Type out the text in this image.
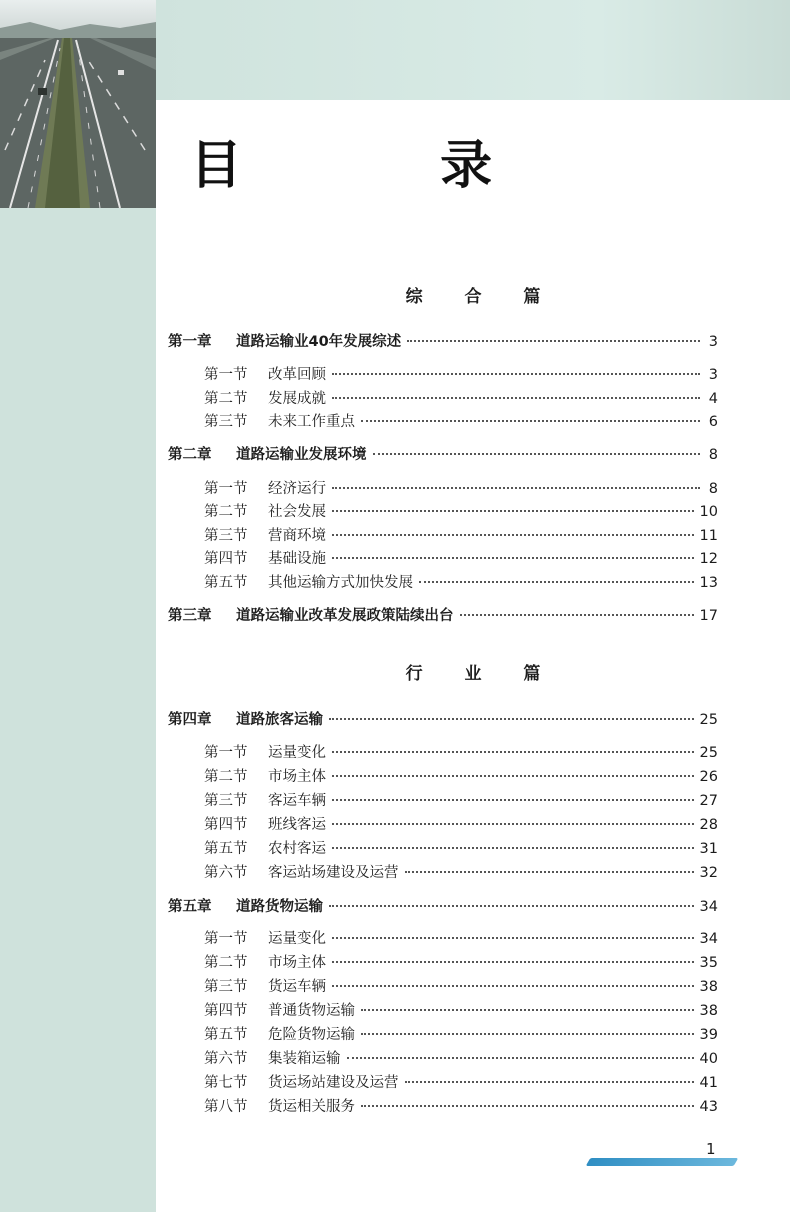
目 录
综 合 篇
第一章	道路运输业40年发展综述	3
第一节	改革回顾	3
第二节	发展成就	4
第三节	未来工作重点	6
第二章	道路运输业发展环境	8
第一节	经济运行	8
第二节	社会发展	10
第三节	营商环境	11
第四节	基础设施	12
第五节	其他运输方式加快发展	13
第三章	道路运输业改革发展政策陆续出台	17
行 业 篇
第四章	道路旅客运输	25
第一节	运量变化	25
第二节	市场主体	26
第三节	客运车辆	27
第四节	班线客运	28
第五节	农村客运	31
第六节	客运站场建设及运营	32
第五章	道路货物运输	34
第一节	运量变化	34
第二节	市场主体	35
第三节	货运车辆	38
第四节	普通货物运输	38
第五节	危险货物运输	39
第六节	集装箱运输	40
第七节	货运场站建设及运营	41
第八节	货运相关服务	43
1
